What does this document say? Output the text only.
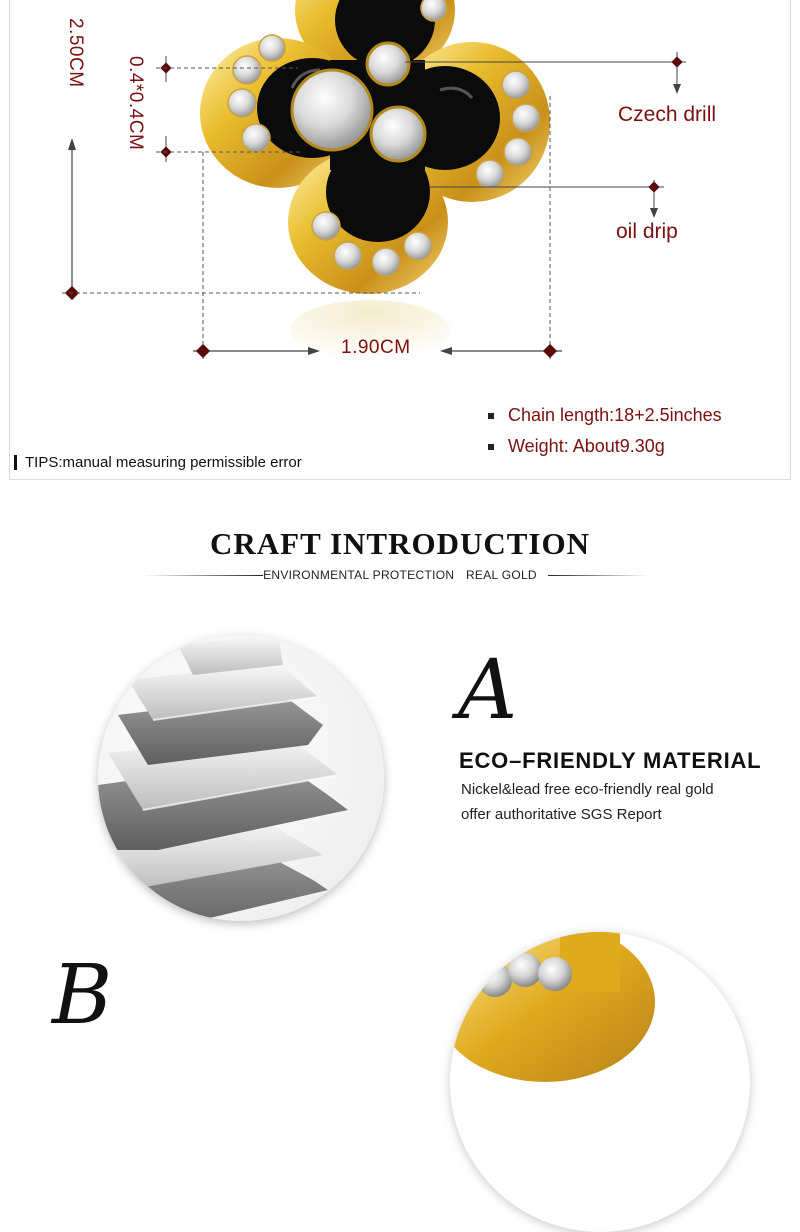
2.50CM
0.4*0.4CM
1.90CM
Czech drill
oil drip
Chain length:18+2.5inches
Weight: About9.30g
TIPS:manual measuring permissible error
CRAFT INTRODUCTION
ENVIRONMENTAL PROTECTION REAL GOLD
A
ECO–FRIENDLY MATERIAL
Nickel&lead free eco-friendly real gold
offer authoritative SGS Report
B
